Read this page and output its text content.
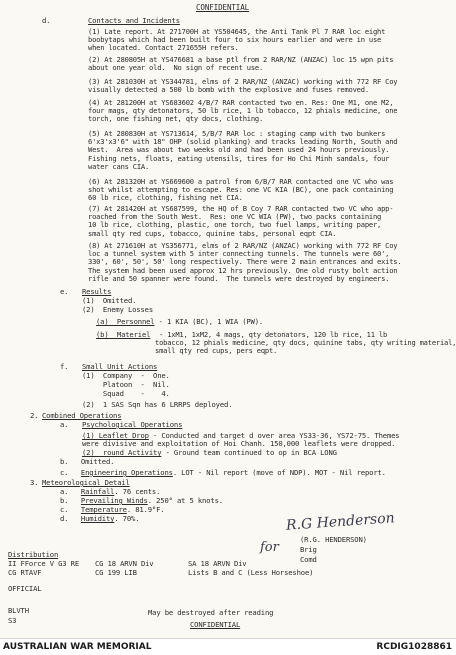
CONFIDENTIAL
d.	Contacts and Incidents
(1) Late report. At 271700H at YS504645, the Anti Tank Pl 7 RAR loc eight
boobytaps which had been built four to six hours earlier and were in use
when located. Contact 271655H refers.
(2) At 280805H at YS476681 a base ptl from 2 RAR/NZ (ANZAC) loc 15 wpn pits
about one year old.  No sign of recent use.
(3) At 281030H at YS344781, elms of 2 RAR/NZ (ANZAC) working with 772 RF Coy
visually detected a 500 lb bomb with the explosive and fuses removed.
(4) At 281200H at YS683602 4/B/7 RAR contacted two en. Res: One M1, one M2,
four mags, qty detonators, 50 lb rice, 1 lb tobacco, 12 phials medicine, one
torch, one fishing net, qty docs, clothing.
(5) At 280830H at YS713614, 5/B/7 RAR loc : staging camp with two bunkers
6'x3'x3'6" with 18" OHP (solid planking) and tracks leading North, South and
West.  Area was about two weeks old and had been used 24 hours previously.
Fishing nets, floats, eating utensils, tires for Ho Chi Minh sandals, four
water cans CIA.
(6) At 281320H at YS669600 a patrol from 6/B/7 RAR contacted one VC who was
shot whilst attempting to escape. Res: one VC KIA (BC), one pack containing
60 lb rice, clothing, fishing net CIA.
(7) At 281420H at YS687599, the HQ of B Coy 7 RAR contacted two VC who app-
roached from the South West.  Res: one VC WIA (PW), two packs containing
10 lb rice, clothing, plastic, one torch, two fuel lamps, writing paper,
small qty red cups, tobacco, quinine tabs, personal eqpt CIA.
(8) At 271610H at YS356771, elms of 2 RAR/NZ (ANZAC) working with 772 RF Coy
loc a tunnel system with 5 inter connecting tunnels. The tunnels were 60',
330', 60', 50', 50' long respectively. There were 2 main entrances and exits.
The system had been used approx 12 hrs previously. One old rusty bolt action
rifle and 50 spanner were found.  The tunnels were destroyed by engineers.
e. Results
(1)  Omitted.
(2)  Enemy Losses
(a)  Personnel - 1 KIA (BC), 1 WIA (PW).
(b)  Materiel	- 1xM1, 1xM2, 4 mags, qty detonators, 120 lb rice, 11 lb
tobacco, 12 phials medicine, qty docs, quinine tabs, qty writing material,
small qty red cups, pers eqpt.
f. Small Unit Actions
(1)  Company  -  One.
Platoon  -  Nil.
Squad    -    4.
(2)  1 SAS Sqn has 6 LRRPS deployed.
2. Combined Operations
a. Psychological Operations
(1) Leaflet Drop - Conducted and target d over area YS33-36, YS72-75. Themes
were divisive and exploitation of Hoi Chanh. 150,000 leaflets were dropped.
(2)  round Activity - Ground team continued to op in BCA LONG
b.   Omitted.
c. Engineering Operations. LOT - Nil report (move of NDP). MOT - Nil report.
3. Meteorological Detail
a.   Rainfall. 76 cents.
b.   Prevailing Winds. 250° at 5 knots.
c.   Temperature. 81.9°F.
d.   Humidity. 70%.	R.G Henderson
for
(R.G. HENDERSON)
Brig
Comd
Distribution
II FForce V G3 RE
CG RTAVF
OFFICIAL
CG 18 ARVN Div
CG 199 LIB
SA 18 ARVN Div
Lists B and C (Less Horseshoe)
BLVTH
S3
May be destroyed after reading
CONFIDENTIAL
AUSTRALIAN WAR MEMORIAL	RCDIG1028861
